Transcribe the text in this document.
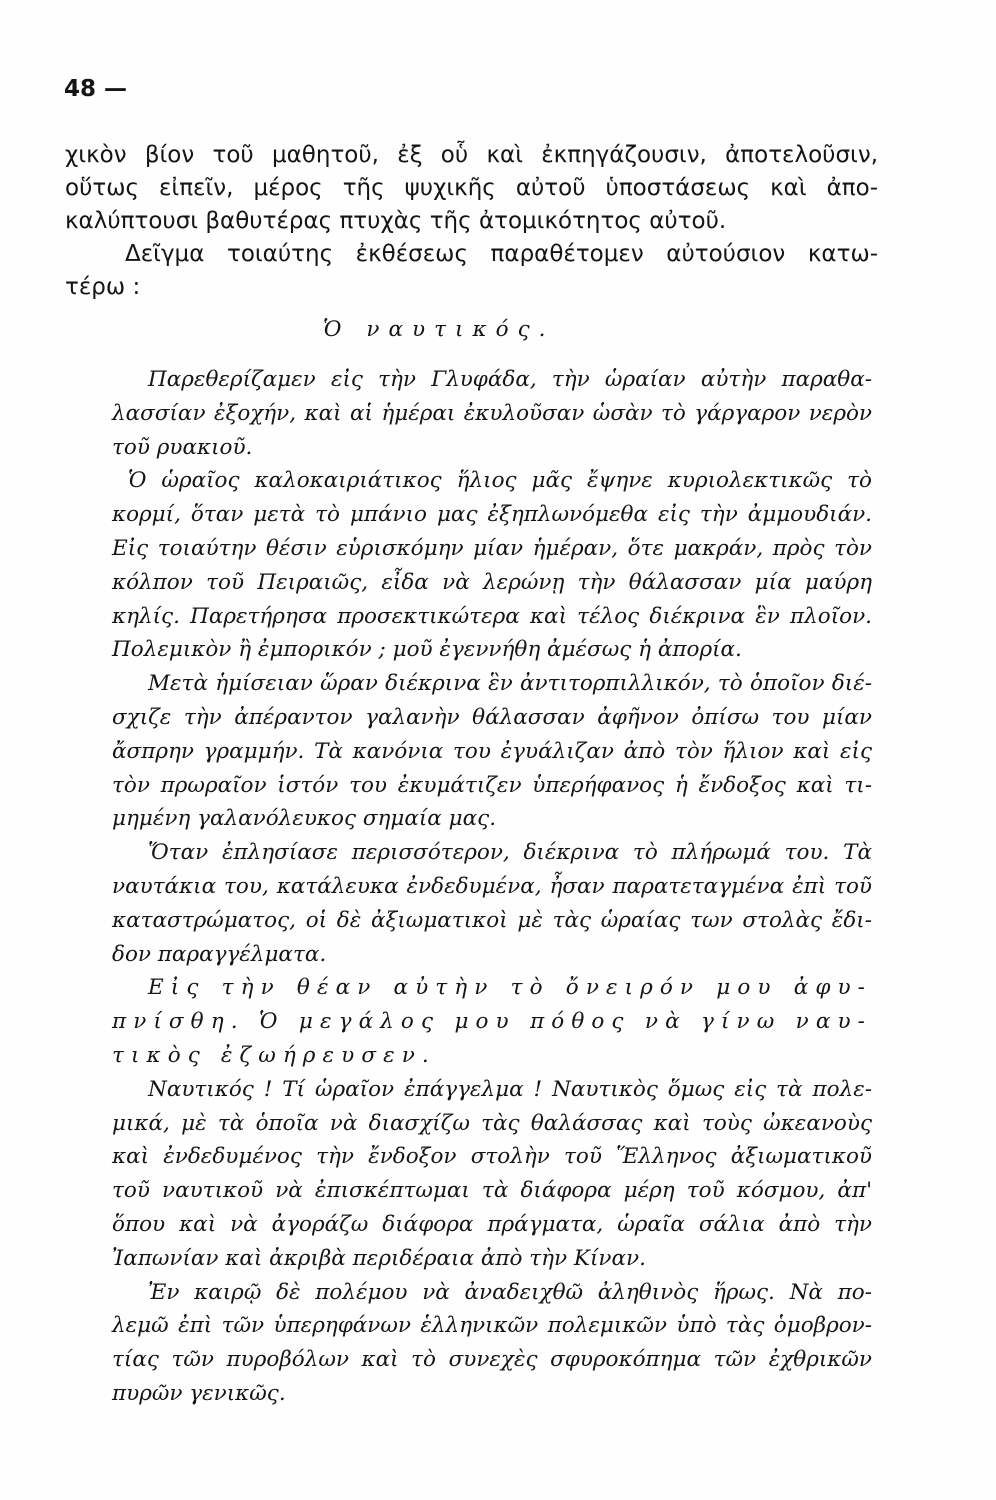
48 —
χικὸν βίον τοῦ μαθητοῦ, ἐξ οὗ καὶ ἐκπηγάζουσιν, ἀποτελοῦσιν,
οὕτως εἰπεῖν, μέρος τῆς ψυχικῆς αὐτοῦ ὑποστάσεως καὶ ἀπο-
καλύπτουσι βαθυτέρας πτυχὰς τῆς ἀτομικότητος αὐτοῦ.
Δεῖγμα τοιαύτης ἐκθέσεως παραθέτομεν αὐτούσιον κατω-
τέρω :
Ὁ ναυτικός.
Παρεθερίζαμεν εἰς τὴν Γλυφάδα, τὴν ὡραίαν αὐτὴν παραθα-
λασσίαν ἐξοχήν, καὶ αἱ ἡμέραι ἐκυλοῦσαν ὡσὰν τὸ γάργαρον νερὸν
τοῦ ρυακιοῦ.
Ὁ ὡραῖος καλοκαιριάτικος ἥλιος μᾶς ἔψηνε κυριολεκτικῶς τὸ
κορμί, ὅταν μετὰ τὸ μπάνιο μας ἐξηπλωνόμεθα εἰς τὴν ἀμμουδιάν.
Εἰς τοιαύτην θέσιν εὑρισκόμην μίαν ἡμέραν, ὅτε μακράν, πρὸς τὸν
κόλπον τοῦ Πειραιῶς, εἶδα νὰ λερώνῃ τὴν θάλασσαν μία μαύρη
κηλίς. Παρετήρησα προσεκτικώτερα καὶ τέλος διέκρινα ἓν πλοῖον.
Πολεμικὸν ἢ ἐμπορικόν ; μοῦ ἐγεννήθη ἀμέσως ἡ ἀπορία.
Μετὰ ἡμίσειαν ὥραν διέκρινα ἓν ἀντιτορπιλλικόν, τὸ ὁποῖον διέ-
σχιζε τὴν ἀπέραντον γαλανὴν θάλασσαν ἀφῆνον ὀπίσω του μίαν
ἄσπρην γραμμήν. Τὰ κανόνια του ἐγυάλιζαν ἀπὸ τὸν ἥλιον καὶ εἰς
τὸν πρωραῖον ἱστόν του ἐκυμάτιζεν ὑπερήφανος ἡ ἔνδοξος καὶ τι-
μημένη γαλανόλευκος σημαία μας.
Ὅταν ἐπλησίασε περισσότερον, διέκρινα τὸ πλήρωμά του. Τὰ
ναυτάκια του, κατάλευκα ἐνδεδυμένα, ἦσαν παρατεταγμένα ἐπὶ τοῦ
καταστρώματος, οἱ δὲ ἀξιωματικοὶ μὲ τὰς ὡραίας των στολὰς ἔδι-
δον παραγγέλματα.
Εἰς τὴν θέαν αὐτὴν τὸ ὄνειρόν μου ἀφυ-
πνίσθη. Ὁ μεγάλος μου πόθος νὰ γίνω ναυ-
τικὸς ἐζωήρευσεν.
Ναυτικός ! Τί ὡραῖον ἐπάγγελμα ! Ναυτικὸς ὅμως εἰς τὰ πολε-
μικά, μὲ τὰ ὁποῖα νὰ διασχίζω τὰς θαλάσσας καὶ τοὺς ὠκεανοὺς
καὶ ἐνδεδυμένος τὴν ἔνδοξον στολὴν τοῦ Ἕλληνος ἀξιωματικοῦ
τοῦ ναυτικοῦ νὰ ἐπισκέπτωμαι τὰ διάφορα μέρη τοῦ κόσμου, ἀπ'
ὅπου καὶ νὰ ἀγοράζω διάφορα πράγματα, ὡραῖα σάλια ἀπὸ τὴν
Ἰαπωνίαν καὶ ἀκριβὰ περιδέραια ἀπὸ τὴν Κίναν.
Ἐν καιρῷ δὲ πολέμου νὰ ἀναδειχθῶ ἀληθινὸς ἥρως. Νὰ πο-
λεμῶ ἐπὶ τῶν ὑπερηφάνων ἑλληνικῶν πολεμικῶν ὑπὸ τὰς ὁμοβρον-
τίας τῶν πυροβόλων καὶ τὸ συνεχὲς σφυροκόπημα τῶν ἐχθρικῶν
πυρῶν γενικῶς.
